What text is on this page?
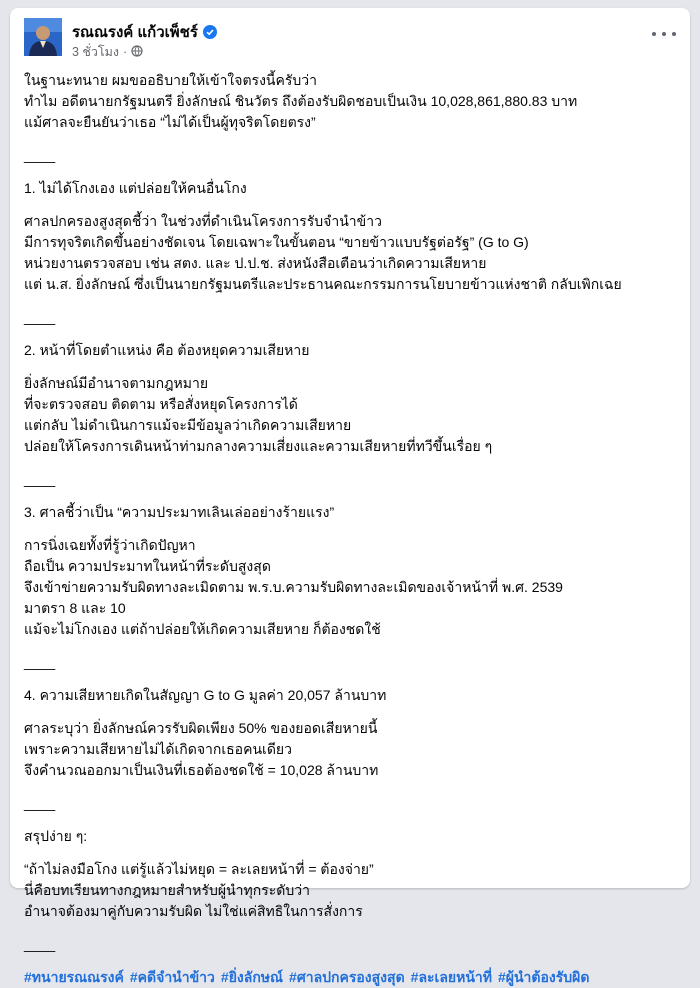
รณณรงค์ แก้วเพ็ชร์
3 ชั่วโมง ·
ในฐานะทนาย ผมขออธิบายให้เข้าใจตรงนี้ครับว่า
ทำไม อดีตนายกรัฐมนตรี ยิ่งลักษณ์ ชินวัตร ถึงต้องรับผิดชอบเป็นเงิน 10,028,861,880.83 บาท
แม้ศาลจะยืนยันว่าเธอ “ไม่ได้เป็นผู้ทุจริตโดยตรง”
____
1. ไม่ได้โกงเอง แต่ปล่อยให้คนอื่นโกง
ศาลปกครองสูงสุดชี้ว่า ในช่วงที่ดำเนินโครงการรับจำนำข้าว
มีการทุจริตเกิดขึ้นอย่างชัดเจน โดยเฉพาะในขั้นตอน “ขายข้าวแบบรัฐต่อรัฐ” (G to G)
หน่วยงานตรวจสอบ เช่น สตง. และ ป.ป.ช. ส่งหนังสือเตือนว่าเกิดความเสียหาย
แต่ น.ส. ยิ่งลักษณ์ ซึ่งเป็นนายกรัฐมนตรีและประธานคณะกรรมการนโยบายข้าวแห่งชาติ กลับเพิกเฉย
____
2. หน้าที่โดยตำแหน่ง คือ ต้องหยุดความเสียหาย
ยิ่งลักษณ์มีอำนาจตามกฎหมาย
ที่จะตรวจสอบ ติดตาม หรือสั่งหยุดโครงการได้
แต่กลับ ไม่ดำเนินการแม้จะมีข้อมูลว่าเกิดความเสียหาย
ปล่อยให้โครงการเดินหน้าท่ามกลางความเสี่ยงและความเสียหายที่ทวีขึ้นเรื่อย ๆ
____
3. ศาลชี้ว่าเป็น “ความประมาทเลินเล่ออย่างร้ายแรง”
การนิ่งเฉยทั้งที่รู้ว่าเกิดปัญหา
ถือเป็น ความประมาทในหน้าที่ระดับสูงสุด
จึงเข้าข่ายความรับผิดทางละเมิดตาม พ.ร.บ.ความรับผิดทางละเมิดของเจ้าหน้าที่ พ.ศ. 2539
มาตรา 8 และ 10
แม้จะไม่โกงเอง แต่ถ้าปล่อยให้เกิดความเสียหาย ก็ต้องชดใช้
____
4. ความเสียหายเกิดในสัญญา G to G มูลค่า 20,057 ล้านบาท
ศาลระบุว่า ยิ่งลักษณ์ควรรับผิดเพียง 50% ของยอดเสียหายนี้
เพราะความเสียหายไม่ได้เกิดจากเธอคนเดียว
จึงคำนวณออกมาเป็นเงินที่เธอต้องชดใช้ = 10,028 ล้านบาท
____
สรุปง่าย ๆ:
“ถ้าไม่ลงมือโกง แต่รู้แล้วไม่หยุด = ละเลยหน้าที่ = ต้องจ่าย”
นี่คือบทเรียนทางกฎหมายสำหรับผู้นำทุกระดับว่า
อำนาจต้องมาคู่กับความรับผิด ไม่ใช่แค่สิทธิในการสั่งการ
____
#ทนายรณณรงค์ #คดีจำนำข้าว #ยิ่งลักษณ์ #ศาลปกครองสูงสุด #ละเลยหน้าที่ #ผู้นำต้องรับผิด
